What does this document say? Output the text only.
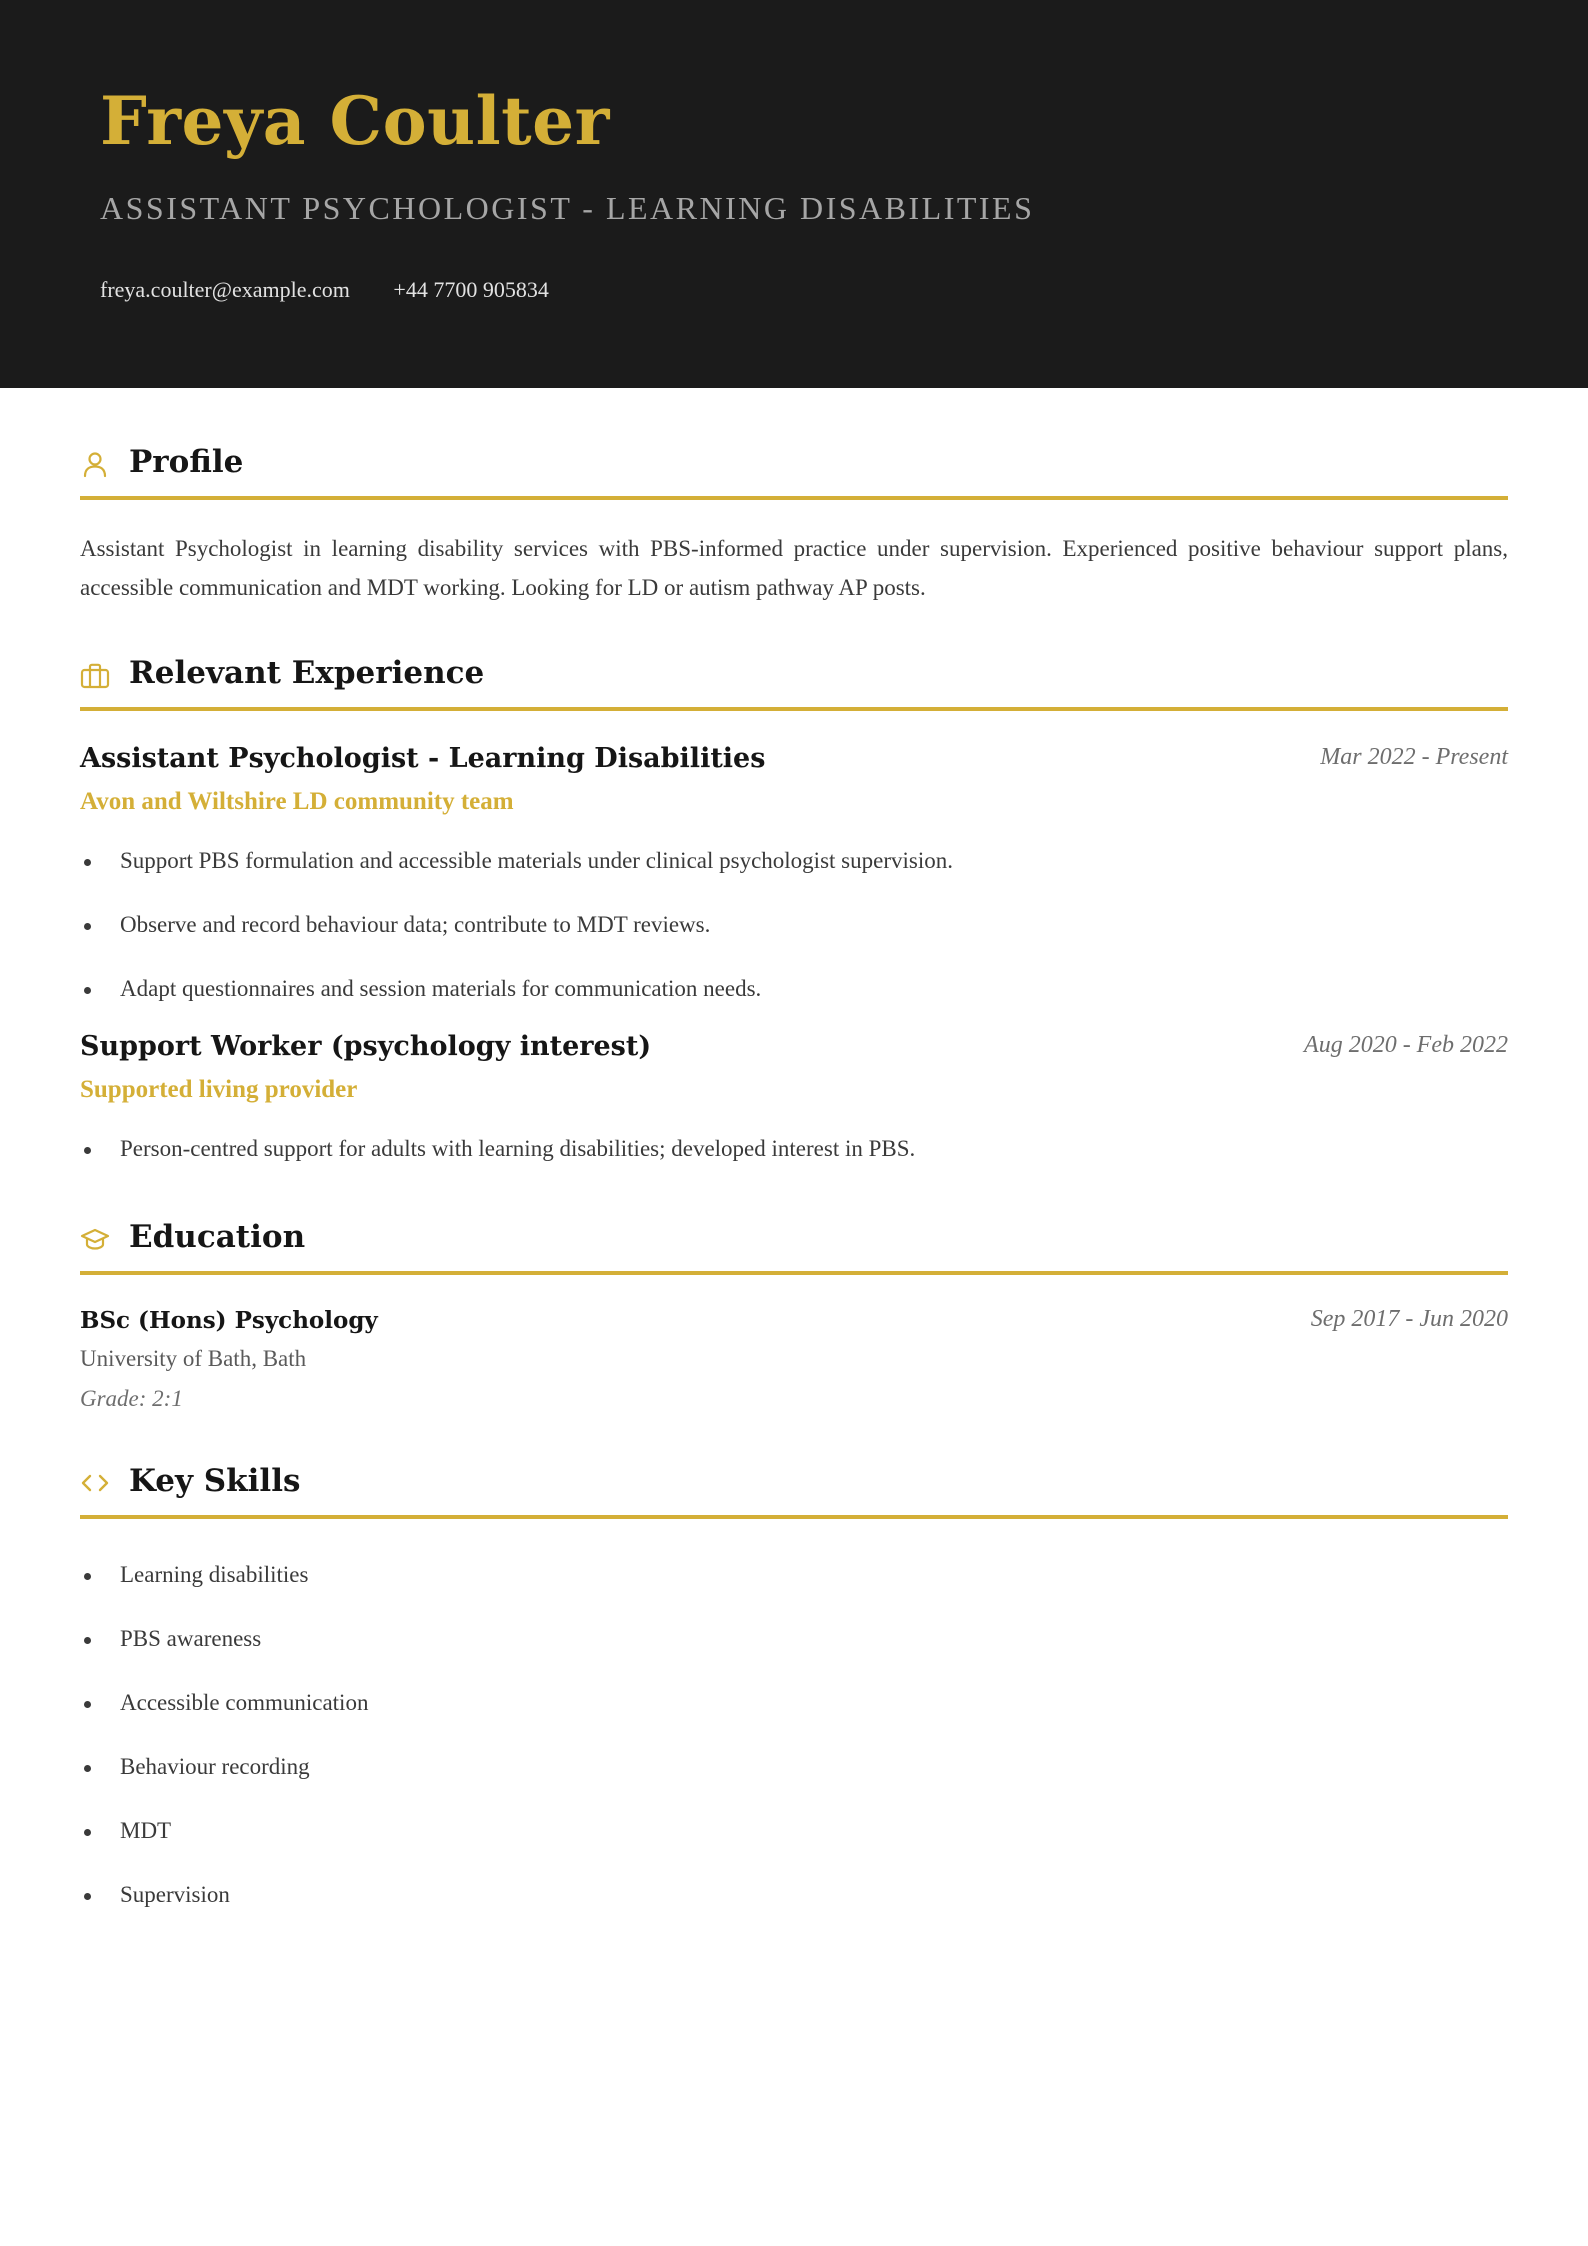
Freya Coulter
ASSISTANT PSYCHOLOGIST - LEARNING DISABILITIES
freya.coulter@example.com +44 7700 905834
Profile
Assistant Psychologist in learning disability services with PBS-informed practice under supervision. Experienced positive behaviour support plans, accessible communication and MDT working. Looking for LD or autism pathway AP posts.
Relevant Experience
Assistant Psychologist - Learning Disabilities	Mar 2022 - Present
Avon and Wiltshire LD community team
Support PBS formulation and accessible materials under clinical psychologist supervision.
Observe and record behaviour data; contribute to MDT reviews.
Adapt questionnaires and session materials for communication needs.
Support Worker (psychology interest)	Aug 2020 - Feb 2022
Supported living provider
Person-centred support for adults with learning disabilities; developed interest in PBS.
Education
BSc (Hons) Psychology	Sep 2017 - Jun 2020
University of Bath, Bath
Grade: 2:1
Key Skills
Learning disabilities
PBS awareness
Accessible communication
Behaviour recording
MDT
Supervision
